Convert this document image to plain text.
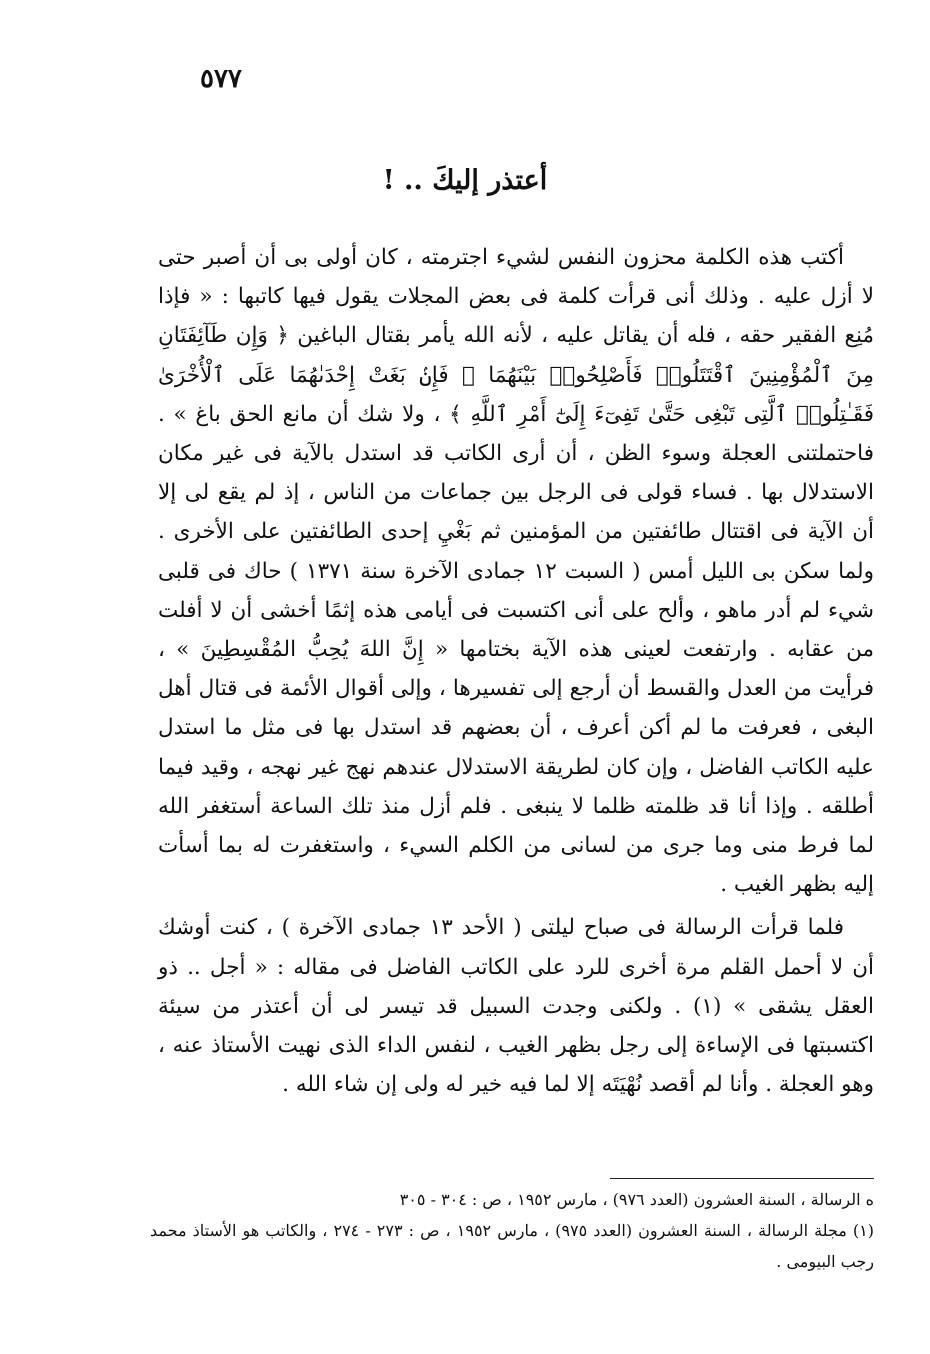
٥٧٧
أعتذر إليكَ .. !

أكتب هذه الكلمة محزون النفس لشيء اجترمته ، كان أولى بى أن أصبر حتى لا أزل عليه . وذلك أنى قرأت كلمة فى بعض المجلات يقول فيها كاتبها : « فإذا مُنِع الفقير حقه ، فله أن يقاتل عليه ، لأنه الله يأمر بقتال الباغين ﴿ وَإِن طَآئِفَتَانِ مِنَ ٱلْمُؤْمِنِينَ ٱقْتَتَلُوا۟ فَأَصْلِحُوا۟ بَيْنَهُمَا ۖ فَإِنۢ بَغَتْ إِحْدَىٰهُمَا عَلَى ٱلْأُخْرَىٰ فَقَـٰتِلُوا۟ ٱلَّتِى تَبْغِى حَتَّىٰ تَفِىٓءَ إِلَىٰٓ أَمْرِ ٱللَّهِ ﴾ ، ولا شك أن مانع الحق باغ » . فاحتملتنى العجلة وسوء الظن ، أن أرى الكاتب قد استدل بالآية فى غير مكان الاستدلال بها . فساء قولى فى الرجل بين جماعات من الناس ، إذ لم يقع لى إلا أن الآية فى اقتتال طائفتين من المؤمنين ثم بَغْيِ إحدى الطائفتين على الأخرى . ولما سكن بى الليل أمس ( السبت ١٢ جمادى الآخرة سنة ١٣٧١ ) حاك فى قلبى شيء لم أدر ماهو ، وألح على أنى اكتسبت فى أيامى هذه إثمًا أخشى أن لا أفلت من عقابه . وارتفعت لعينى هذه الآية بختامها « إِنَّ اللهَ يُحِبُّ المُقْسِطِينَ » ، فرأيت من العدل والقسط أن أرجع إلى تفسيرها ، وإلى أقوال الأئمة فى قتال أهل البغى ، فعرفت ما لم أكن أعرف ، أن بعضهم قد استدل بها فى مثل ما استدل عليه الكاتب الفاضل ، وإن كان لطريقة الاستدلال عندهم نهج غير نهجه ، وقيد فيما أطلقه . وإذا أنا قد ظلمته ظلما لا ينبغى . فلم أزل منذ تلك الساعة أستغفر الله لما فرط منى وما جرى من لسانى من الكلم السيء ، واستغفرت له بما أسأت إليه بظهر الغيب .

فلما قرأت الرسالة فى صباح ليلتى ( الأحد ١٣ جمادى الآخرة ) ، كنت أوشك أن لا أحمل القلم مرة أخرى للرد على الكاتب الفاضل فى مقاله : « أجل .. ذو العقل يشقى » (١) . ولكنى وجدت السبيل قد تيسر لى أن أعتذر من سيئة اكتسبتها فى الإساءة إلى رجل بظهر الغيب ، لنفس الداء الذى نهيت الأستاذ عنه ، وهو العجلة . وأنا لم أقصد نُهْيَتَه إلا لما فيه خير له ولى إن شاء الله .

ه الرسالة ، السنة العشرون (العدد ٩٧٦) ، مارس ١٩٥٢ ، ص : ٣٠٤ - ٣٠٥

(١) مجلة الرسالة ، السنة العشرون (العدد ٩٧٥) ، مارس ١٩٥٢ ، ص : ٢٧٣ - ٢٧٤ ، والكاتب هو الأستاذ محمد رجب البيومى .
